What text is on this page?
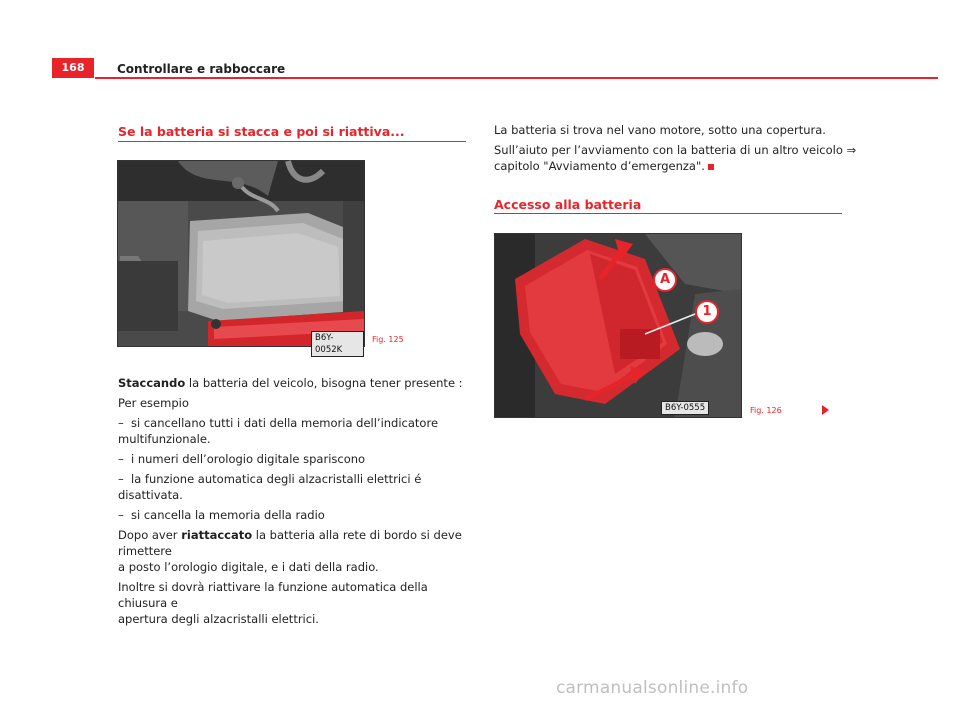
168	Controllare e rabboccare
Se la batteria si stacca e poi si riattiva...
B6Y-0052K
Fig. 125

Staccando la batteria del veicolo, bisogna tener presente :

Per esempio

– si cancellano tutti i dati della memoria dell’indicatore

multifunzionale.

– i numeri dell’orologio digitale spariscono

– la funzione automatica degli alzacristalli elettrici é disattivata.

– si cancella la memoria della radio

Dopo aver riattaccato la batteria alla rete di bordo si deve rimettere

a posto l’orologio digitale, e i dati della radio.

Inoltre si dovrà riattivare la funzione automatica della chiusura e

apertura degli alzacristalli elettrici.

La batteria si trova nel vano motore, sotto una copertura.

Sull’aiuto per l’avviamento con la batteria di un altro veicolo ⇒

capitolo "Avviamento d’emergenza".

Accesso alla batteria
A
1
B6Y-0555	Fig. 126
carmanualsonline.info
